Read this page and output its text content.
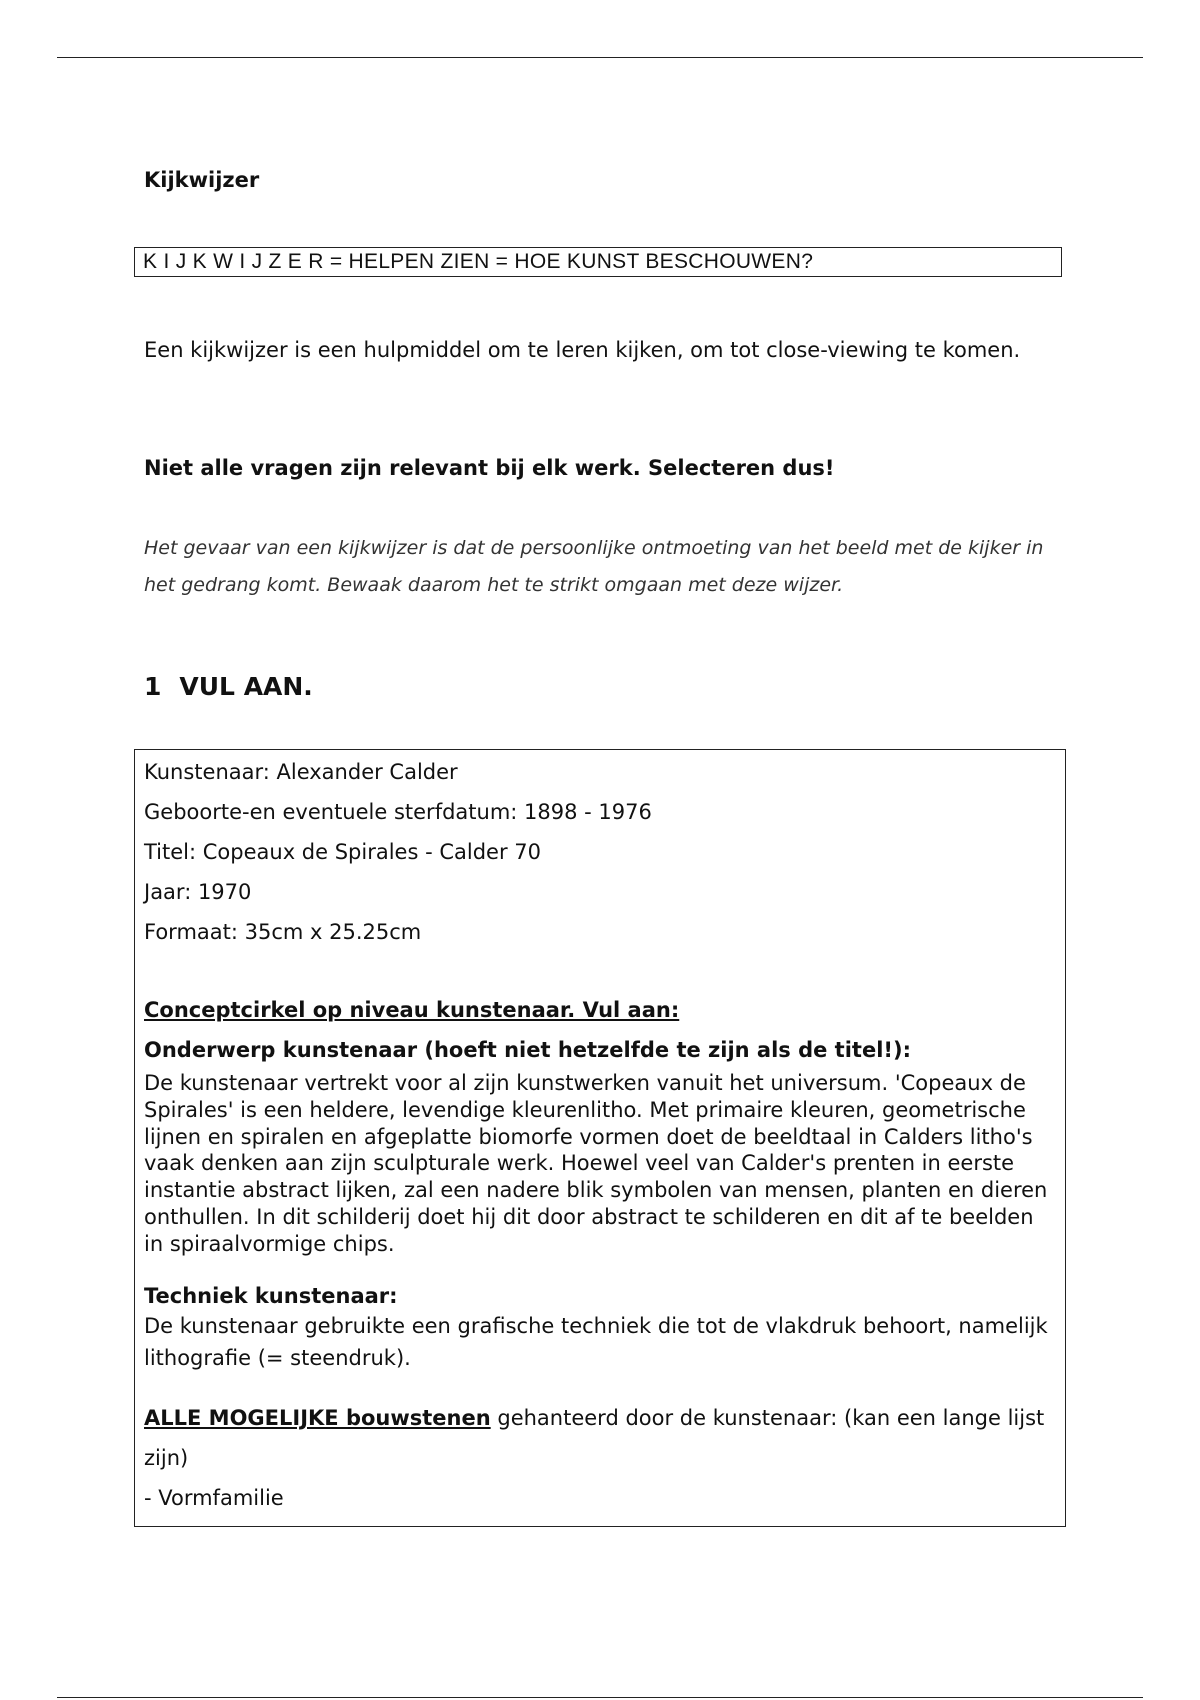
Kijkwijzer
K I J K W I J Z E R = HELPEN ZIEN = HOE KUNST BESCHOUWEN?

Een kijkwijzer is een hulpmiddel om te leren kijken, om tot close-viewing te komen.

Niet alle vragen zijn relevant bij elk werk. Selecteren dus!

Het gevaar van een kijkwijzer is dat de persoonlijke ontmoeting van het beeld met de kijker in het gedrang komt. Bewaak daarom het te strikt omgaan met deze wijzer.

1 VUL AAN.

Kunstenaar: Alexander Calder

Geboorte-en eventuele sterfdatum: 1898 - 1976

Titel: Copeaux de Spirales - Calder 70

Jaar: 1970

Formaat: 35cm x 25.25cm

Conceptcirkel op niveau kunstenaar. Vul aan:

Onderwerp kunstenaar (hoeft niet hetzelfde te zijn als de titel!):

De kunstenaar vertrekt voor al zijn kunstwerken vanuit het universum. 'Copeaux de Spirales' is een heldere, levendige kleurenlitho. Met primaire kleuren, geometrische lijnen en spiralen en afgeplatte biomorfe vormen doet de beeldtaal in Calders litho's vaak denken aan zijn sculpturale werk. Hoewel veel van Calder's prenten in eerste instantie abstract lijken, zal een nadere blik symbolen van mensen, planten en dieren onthullen. In dit schilderij doet hij dit door abstract te schilderen en dit af te beelden in spiraalvormige chips.

Techniek kunstenaar:

De kunstenaar gebruikte een grafische techniek die tot de vlakdruk behoort, namelijk lithografie (= steendruk).

ALLE MOGELIJKE bouwstenen gehanteerd door de kunstenaar: (kan een lange lijst zijn)

- Vormfamilie
